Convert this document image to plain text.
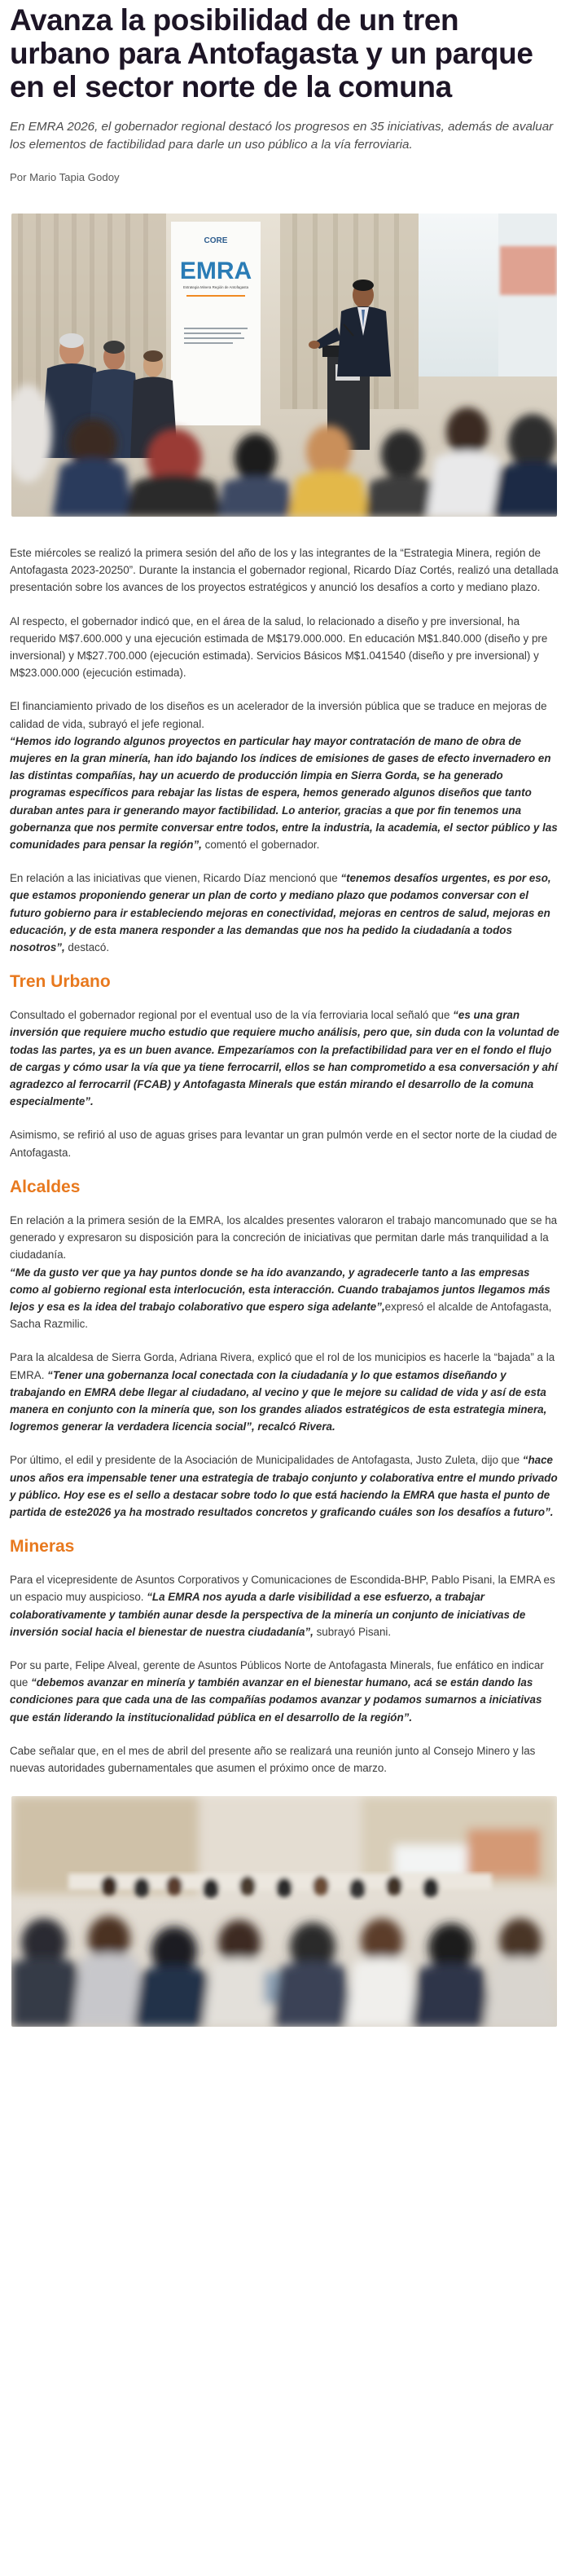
Avanza la posibilidad de un tren urbano para Antofagasta y un parque en el sector norte de la comuna

En EMRA 2026, el gobernador regional destacó los progresos en 35 iniciativas, además de avaluar los elementos de factibilidad para darle un uso público a la vía ferroviaria.

Por Mario Tapia Godoy

CORE
EMRA
Estrategia Minera Región de Antofagasta

Este miércoles se realizó la primera sesión del año de los y las integrantes de la “Estrategia Minera, región de Antofagasta 2023-20250”. Durante la instancia el gobernador regional, Ricardo Díaz Cortés, realizó una detallada presentación sobre los avances de los proyectos estratégicos y anunció los desafíos a corto y mediano plazo.

Al respecto, el gobernador indicó que, en el área de la salud, lo relacionado a diseño y pre inversional, ha requerido M$7.600.000 y una ejecución estimada de M$179.000.000. En educación M$1.840.000 (diseño y pre inversional) y M$27.700.000 (ejecución estimada). Servicios Básicos M$1.041540 (diseño y pre inversional) y M$23.000.000 (ejecución estimada).

El financiamiento privado de los diseños es un acelerador de la inversión pública que se traduce en mejoras de calidad de vida, subrayó el jefe regional.
“Hemos ido logrando algunos proyectos en particular hay mayor contratación de mano de obra de mujeres en la gran minería, han ido bajando los índices de emisiones de gases de efecto invernadero en las distintas compañías, hay un acuerdo de producción limpia en Sierra Gorda, se ha generado programas específicos para rebajar las listas de espera, hemos generado algunos diseños que tanto duraban antes para ir generando mayor factibilidad. Lo anterior, gracias a que por fin tenemos una gobernanza que nos permite conversar entre todos, entre la industria, la academia, el sector público y las comunidades para pensar la región”, comentó el gobernador.

En relación a las iniciativas que vienen, Ricardo Díaz mencionó que “tenemos desafíos urgentes, es por eso, que estamos proponiendo generar un plan de corto y mediano plazo que podamos conversar con el futuro gobierno para ir estableciendo mejoras en conectividad, mejoras en centros de salud, mejoras en educación, y de esta manera responder a las demandas que nos ha pedido la ciudadanía a todos nosotros”, destacó.

Tren Urbano

Consultado el gobernador regional por el eventual uso de la vía ferroviaria local señaló que “es una gran inversión que requiere mucho estudio que requiere mucho análisis, pero que, sin duda con la voluntad de todas las partes, ya es un buen avance. Empezaríamos con la prefactibilidad para ver en el fondo el flujo de cargas y cómo usar la vía que ya tiene ferrocarril, ellos se han comprometido a esa conversación y ahí agradezco al ferrocarril (FCAB) y Antofagasta Minerals que están mirando el desarrollo de la comuna especialmente”.

Asimismo, se refirió al uso de aguas grises para levantar un gran pulmón verde en el sector norte de la ciudad de Antofagasta.

Alcaldes

En relación a la primera sesión de la EMRA, los alcaldes presentes valoraron el trabajo mancomunado que se ha generado y expresaron su disposición para la concreción de iniciativas que permitan darle más tranquilidad a la ciudadanía.
“Me da gusto ver que ya hay puntos donde se ha ido avanzando, y agradecerle tanto a las empresas como al gobierno regional esta interlocución, esta interacción. Cuando trabajamos juntos llegamos más lejos y esa es la idea del trabajo colaborativo que espero siga adelante”,expresó el alcalde de Antofagasta, Sacha Razmilic.

Para la alcaldesa de Sierra Gorda, Adriana Rivera, explicó que el rol de los municipios es hacerle la “bajada” a la EMRA. “Tener una gobernanza local conectada con la ciudadanía y lo que estamos diseñando y trabajando en EMRA debe llegar al ciudadano, al vecino y que le mejore su calidad de vida y así de esta manera en conjunto con la minería que, son los grandes aliados estratégicos de esta estrategia minera, logremos generar la verdadera licencia social”, recalcó Rivera.

Por último, el edil y presidente de la Asociación de Municipalidades de Antofagasta, Justo Zuleta, dijo que “hace unos años era impensable tener una estrategia de trabajo conjunto y colaborativa entre el mundo privado y público. Hoy ese es el sello a destacar sobre todo lo que está haciendo la EMRA que hasta el punto de partida de este2026 ya ha mostrado resultados concretos y graficando cuáles son los desafíos a futuro”.

Mineras

Para el vicepresidente de Asuntos Corporativos y Comunicaciones de Escondida-BHP, Pablo Pisani, la EMRA es un espacio muy auspicioso. “La EMRA nos ayuda a darle visibilidad a ese esfuerzo, a trabajar colaborativamente y también aunar desde la perspectiva de la minería un conjunto de iniciativas de inversión social hacia el bienestar de nuestra ciudadanía”, subrayó Pisani.

Por su parte, Felipe Alveal, gerente de Asuntos Públicos Norte de Antofagasta Minerals, fue enfático en indicar que “debemos avanzar en minería y también avanzar en el bienestar humano, acá se están dando las condiciones para que cada una de las compañías podamos avanzar y podamos sumarnos a iniciativas que están liderando la institucionalidad pública en el desarrollo de la región”.

Cabe señalar que, en el mes de abril del presente año se realizará una reunión junto al Consejo Minero y las nuevas autoridades gubernamentales que asumen el próximo once de marzo.
